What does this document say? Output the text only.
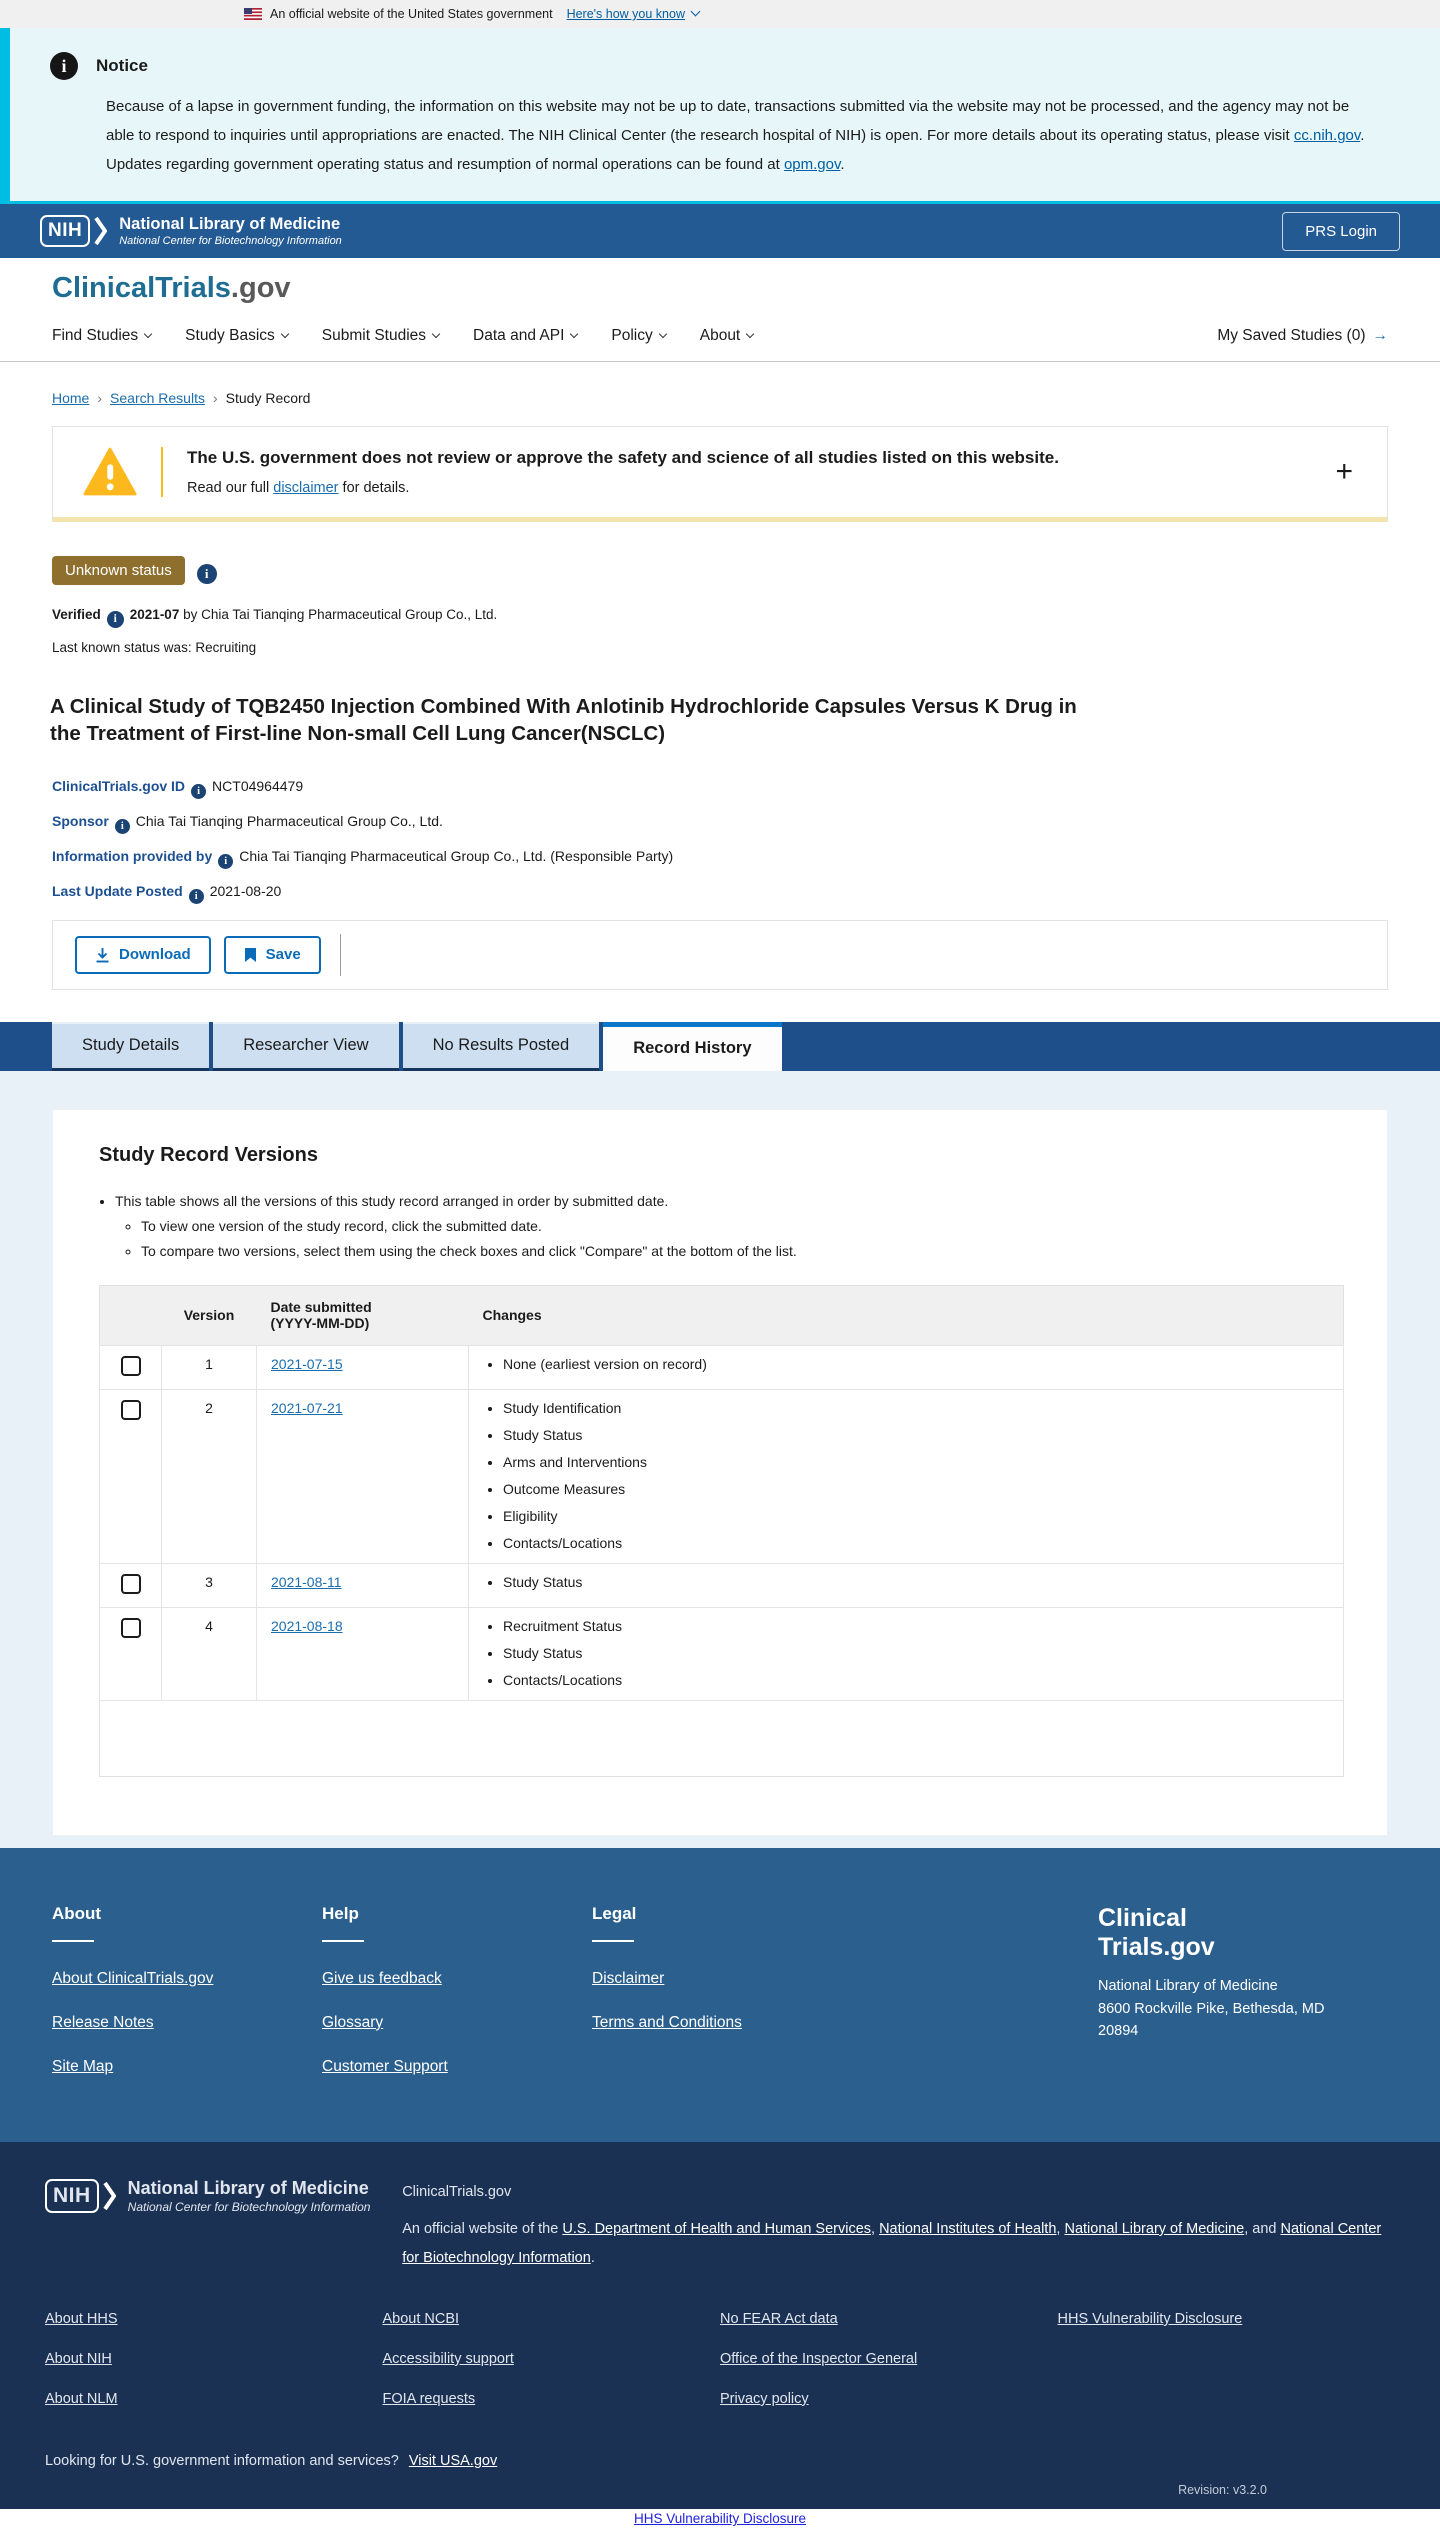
An official website of the United States government Here's how you know
i
Notice

Because of a lapse in government funding, the information on this website may not be up to date, transactions submitted via the website may not be processed, and the agency may not be able to respond to inquiries until appropriations are enacted. The NIH Clinical Center (the research hospital of NIH) is open. For more details about its operating status, please visit cc.nih.gov. Updates regarding government operating status and resumption of normal operations can be found at opm.gov.

NIH	National Library of Medicine
National Center for Biotechnology Information
PRS Login
ClinicalTrials.gov
Find Studies	Study Basics	Submit Studies	Data and API	Policy	About	My Saved Studies (0) →
Home › Search Results › Study Record
The U.S. government does not review or approve the safety and science of all studies listed on this website.
Read our full disclaimer for details.
+
Unknown statusi
Verified i 2021-07 by Chia Tai Tianqing Pharmaceutical Group Co., Ltd.
Last known status was: Recruiting
A Clinical Study of TQB2450 Injection Combined With Anlotinib Hydrochloride Capsules Versus K Drug in the Treatment of First-line Non-small Cell Lung Cancer(NSCLC)
ClinicalTrials.gov ID i NCT04964479
Sponsor i Chia Tai Tianqing Pharmaceutical Group Co., Ltd.
Information provided by i Chia Tai Tianqing Pharmaceutical Group Co., Ltd. (Responsible Party)
Last Update Posted i 2021-08-20
Download	Save
Study Details	Researcher View	No Results Posted	Record History
Study Record Versions
• This table shows all the versions of this study record arranged in order by submitted date.
◦ To view one version of the study record, click the submitted date.
◦ To compare two versions, select them using the check boxes and click "Compare" at the bottom of the list.
	Version	Date submitted
(YYYY-MM-DD)	Changes
	1	2021-07-15	
•None (earliest version on record)

	2	2021-07-21	
•Study Identification
• Study Status
• Arms and Interventions
• Outcome Measures
• Eligibility
• Contacts/Locations

	3	2021-08-11	
•Study Status

	4	2021-08-18	
•Recruitment Status
• Study Status
• Contacts/Locations

About
About ClinicalTrials.gov
Release Notes
Site Map
Help
Give us feedback
Glossary
Customer Support
Legal
Disclaimer
Terms and Conditions
Clinical
Trials.gov
National Library of Medicine
8600 Rockville Pike, Bethesda, MD
20894
NIH	National Library of Medicine
National Center for Biotechnology Information
ClinicalTrials.gov

An official website of the U.S. Department of Health and Human Services, National Institutes of Health, National Library of Medicine, and National Center for Biotechnology Information.

About HHS
About NIH
About NLM
About NCBI
Accessibility support
FOIA requests
No FEAR Act data
Office of the Inspector General
Privacy policy
HHS Vulnerability Disclosure
Looking for U.S. government information and services? Visit USA.gov
Revision: v3.2.0
HHS Vulnerability Disclosure
